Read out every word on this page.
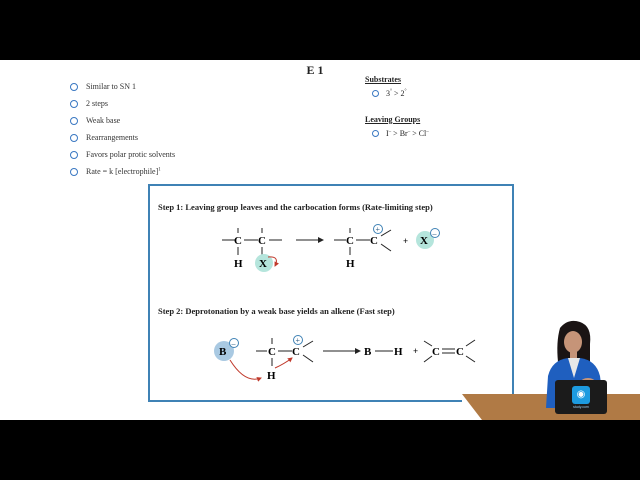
E 1
Similar to SN 1
2 steps
Weak base
Rearrangements
Favors polar protic solvents
Rate = k [electrophile]$^1$
Substrates
3° > 2°
Leaving Groups
I– > Br– > Cl–
Step 1: Leaving group leaves and the carbocation forms (Rate-limiting step)
Step 2: Deprotonation by a weak base yields an alkene (Fast step)
C C
H X
C C
H
+
+ X
–
B
–
C C
H
+
B H + C C
◉
study.com
